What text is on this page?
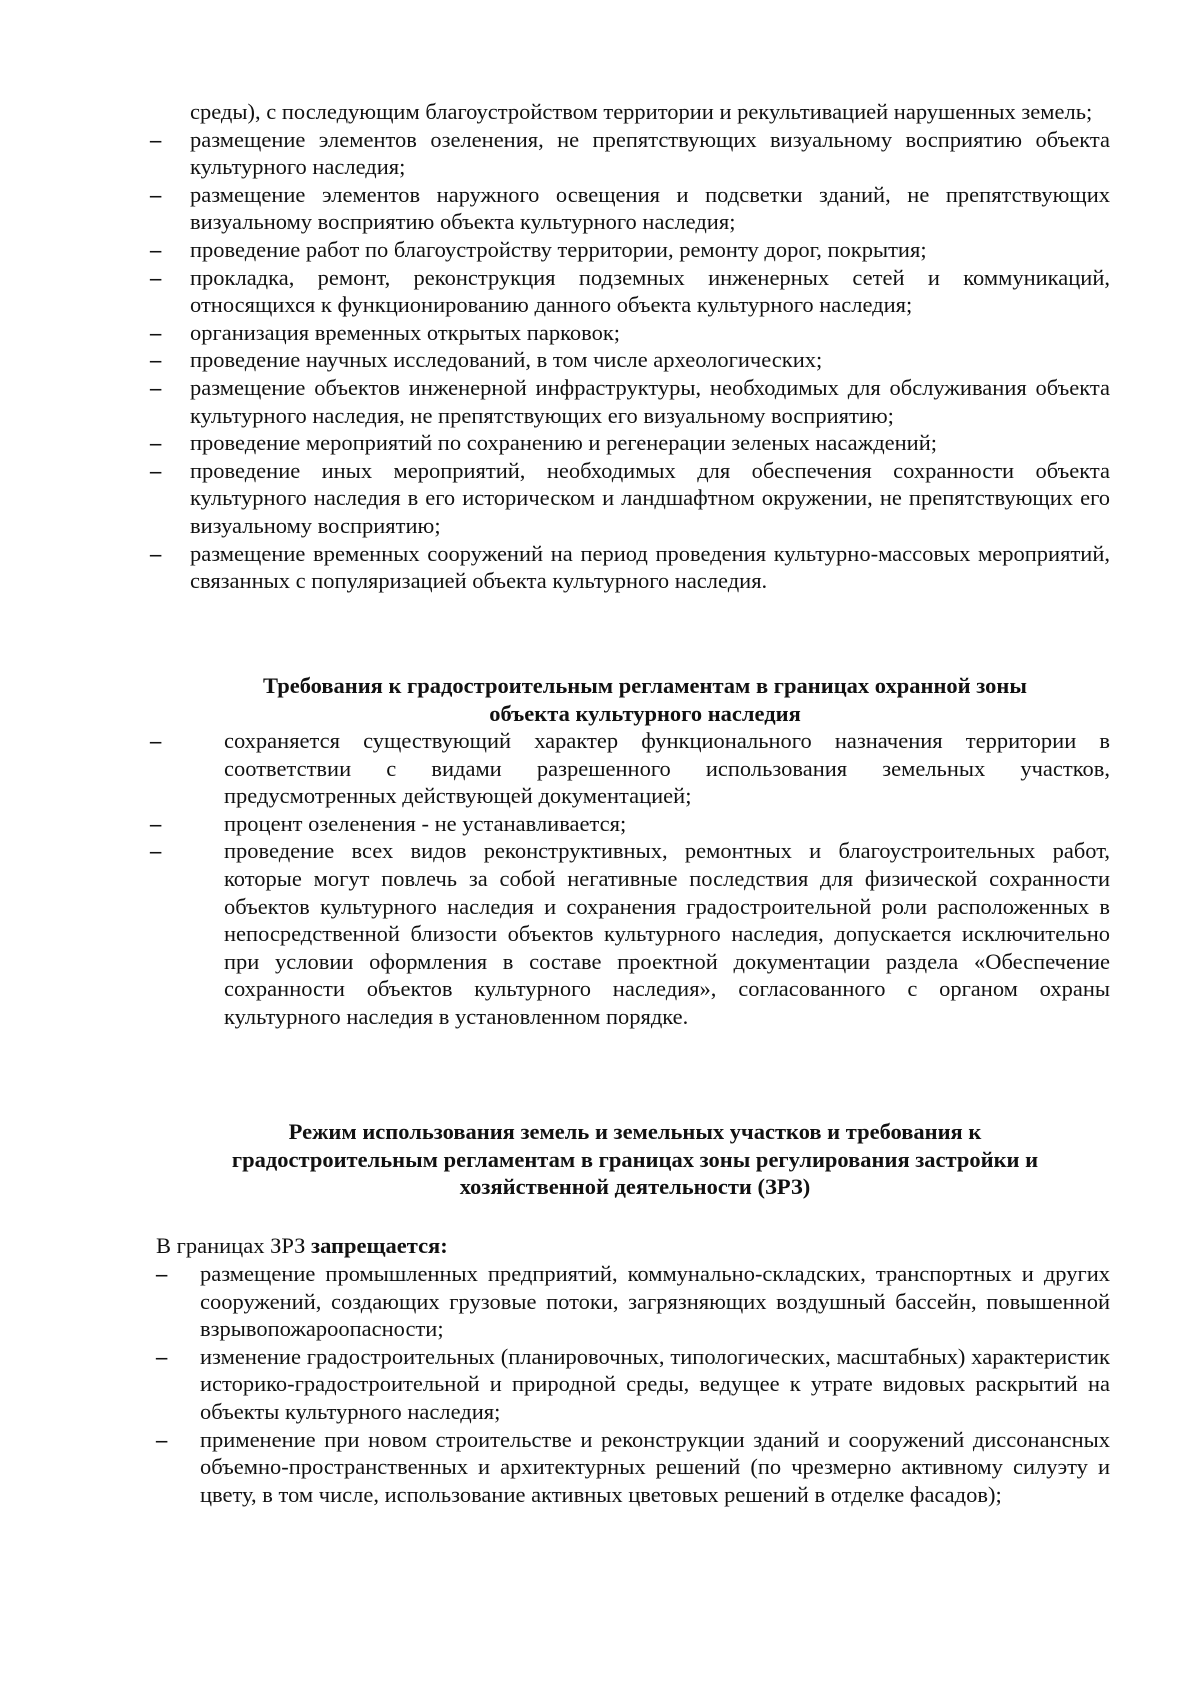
среды), с последующим благоустройством территории и рекультивацией нарушенных земель;
– размещение элементов озеленения, не препятствующих визуальному восприятию объекта культурного наследия;
– размещение элементов наружного освещения и подсветки зданий, не препятствующих визуальному восприятию объекта культурного наследия;
– проведение работ по благоустройству территории, ремонту дорог, покрытия;
– прокладка, ремонт, реконструкция подземных инженерных сетей и коммуникаций, относящихся к функционированию данного объекта культурного наследия;
– организация временных открытых парковок;
– проведение научных исследований, в том числе археологических;
– размещение объектов инженерной инфраструктуры, необходимых для обслуживания объекта культурного наследия, не препятствующих его визуальному восприятию;
– проведение мероприятий по сохранению и регенерации зеленых насаждений;
– проведение иных мероприятий, необходимых для обеспечения сохранности объекта культурного наследия в его историческом и ландшафтном окружении, не препятствующих его визуальному восприятию;
– размещение временных сооружений на период проведения культурно-массовых мероприятий, связанных с популяризацией объекта культурного наследия.
Требования к градостроительным регламентам в границах охранной зоны
объекта культурного наследия
–	сохраняется существующий характер функционального назначения территории в соответствии с видами разрешенного использования земельных участков, предусмотренных действующей документацией;
–	процент озеленения - не устанавливается;
–	проведение всех видов реконструктивных, ремонтных и благоустроительных работ, которые могут повлечь за собой негативные последствия для физической сохранности объектов культурного наследия и сохранения градостроительной роли расположенных в непосредственной близости объектов культурного наследия, допускается исключительно при условии оформления в составе проектной документации раздела «Обеспечение сохранности объектов культурного наследия», согласованного с органом охраны культурного наследия в установленном порядке.
Режим использования земель и земельных участков и требования к
градостроительным регламентам в границах зоны регулирования застройки и
хозяйственной деятельности (ЗРЗ)
В границах ЗРЗ запрещается:
– размещение промышленных предприятий, коммунально-складских, транспортных и других сооружений, создающих грузовые потоки, загрязняющих воздушный бассейн, повышенной взрывопожароопасности;
– изменение градостроительных (планировочных, типологических, масштабных) характеристик историко-градостроительной и природной среды, ведущее к утрате видовых раскрытий на объекты культурного наследия;
– применение при новом строительстве и реконструкции зданий и сооружений диссонансных объемно-пространственных и архитектурных решений (по чрезмерно активному силуэту и цвету, в том числе, использование активных цветовых решений в отделке фасадов);
